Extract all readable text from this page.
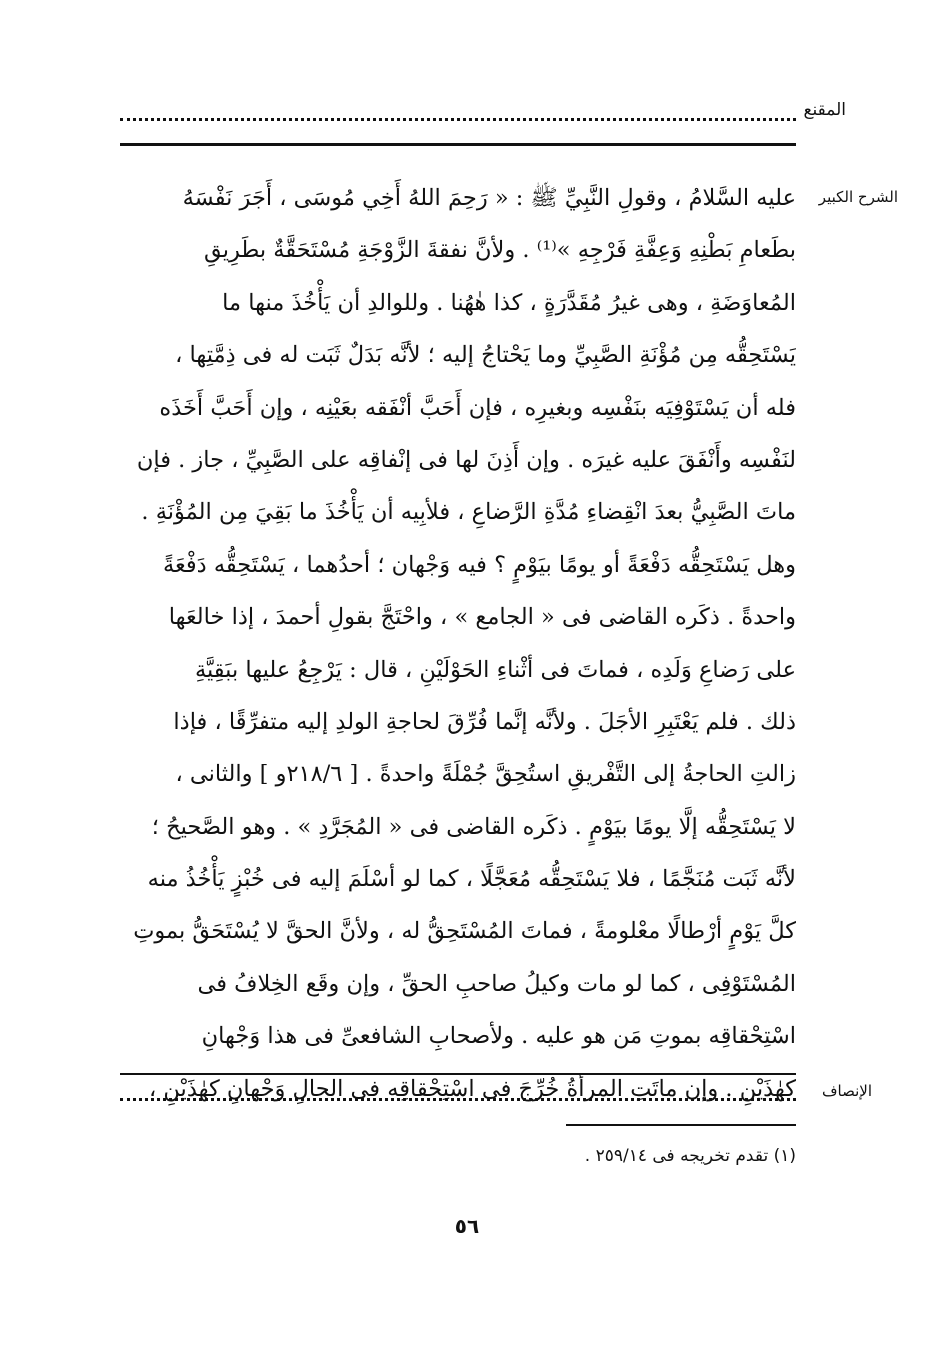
المقنع
الشرح الكبير
عليه السَّلامُ ، وقولِ النَّبِيِّ ﷺ : « رَحِمَ اللهُ أَخِي مُوسَى ، أَجَرَ نَفْسَهُ
بطَعامِ بَطْنِهِ وَعِفَّةِ فَرْجِهِ »⁽¹⁾ . ولأنَّ نفقةَ الزَّوْجَةِ مُسْتَحَقَّةٌ بطَرِيقِ
المُعاوَضَةِ ، وهى غيرُ مُقَدَّرَةٍ ، كذا هٰهُنا . وللوالدِ أن يَأْخُذَ منها ما
يَسْتَحِقُّه مِن مُؤْنَةِ الصَّبِيِّ وما يَحْتاجُ إليه ؛ لأنَّه بَدَلٌ ثَبَت له فى ذِمَّتِها ،
فله أن يَسْتَوْفِيَه بنَفْسِه وبغيرِه ، فإن أَحَبَّ أنْفَقه بعَيْنِه ، وإن أَحَبَّ أَخَذَه
لنَفْسِه وأَنْفَقَ عليه غيرَه . وإن أَذِنَ لها فى إنْفاقِه على الصَّبِيِّ ، جاز . فإن
ماتَ الصَّبِيُّ بعدَ انْقِضاءِ مُدَّةِ الرَّضاعِ ، فلأبِيه أن يَأْخُذَ ما بَقِيَ مِن المُؤْنَةِ .
وهل يَسْتَحِقُّه دَفْعَةً أو يومًا بيَوْمٍ ؟ فيه وَجْهان ؛ أحدُهما ، يَسْتَحِقُّه دَفْعَةً
واحدةً . ذكَره القاضى فى « الجامع » ، واحْتَجَّ بقولِ أحمدَ ، إذا خالعَها
على رَضاعِ وَلَدِه ، فماتَ فى أثْناءِ الحَوْلَيْنِ ، قال : يَرْجِعُ عليها ببَقِيَّةِ
ذلك . فلم يَعْتَبِرِ الأجَلَ . ولأنَّه إنَّما فُرِّقَ لحاجةِ الولدِ إليه متفرِّقًا ، فإذا
زالتِ الحاجةُ إلى التَّفْريقِ استُحِقَّ جُمْلَةً واحدةً . [ ٢١٨/٦و ] والثانى ،
لا يَسْتَحِقُّه إلَّا يومًا بيَوْمٍ . ذكَره القاضى فى « المُجَرَّدِ » . وهو الصَّحيحُ ؛
لأنَّه ثَبَت مُنَجَّمًا ، فلا يَسْتَحِقُّه مُعَجَّلًا ، كما لو أسْلَمَ إليه فى خُبْزٍ يَأْخُذُ منه
كلَّ يَوْمٍ أرْطالًا معْلومةً ، فماتَ المُسْتَحِقُّ له ، ولأنَّ الحقَّ لا يُسْتَحَقُّ بموتِ
المُسْتَوْفِى ، كما لو مات وكيلُ صاحبِ الحقِّ ، وإن وقَع الخِلافُ فى
اسْتِحْقاقِه بموتِ مَن هو عليه . ولأصحابِ الشافعىِّ فى هذا وَجْهانِ
كهٰذَيْنِ . وإن ماتَتِ المرأةُ خُرِّجَ فى اسْتِحْقاقِه فى الحالِ وَجْهانِ كهٰذَيْنِ ، الإنصاف
(١) تقدم تخريجه فى ٢٥٩/١٤ .
٥٦
